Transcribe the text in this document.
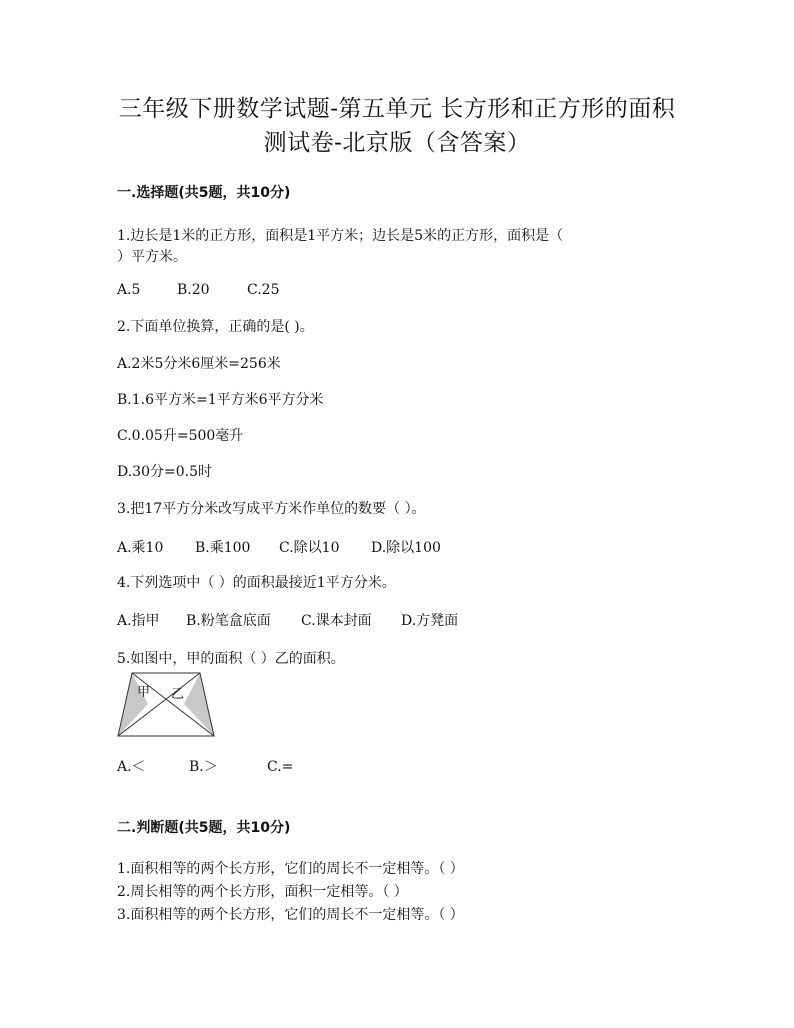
三年级下册数学试题-第五单元 长方形和正方形的面积
测试卷-北京版（含答案）
一.选择题(共5题，共10分)
1.边长是1米的正方形，面积是1平方米；边长是5米的正方形，面积是（
）平方米。
A.5	B.20	C.25
2.下面单位换算，正确的是( )。
A.2米5分米6厘米=256米
B.1.6平方米=1平方米6平方分米
C.0.05升=500毫升
D.30分=0.5时
3.把17平方分米改写成平方米作单位的数要（ ）。
A.乘10 B.乘100 C.除以10 D.除以100
4.下列选项中（ ）的面积最接近1平方分米。
A.指甲 B.粉笔盒底面 C.课本封面 D.方凳面
5.如图中，甲的面积（ ）乙的面积。
甲 乙
A.＜	B.＞	C.=
二.判断题(共5题，共10分)
1.面积相等的两个长方形，它们的周长不一定相等。（ ）
2.周长相等的两个长方形，面积一定相等。（ ）
3.面积相等的两个长方形，它们的周长不一定相等。（ ）
